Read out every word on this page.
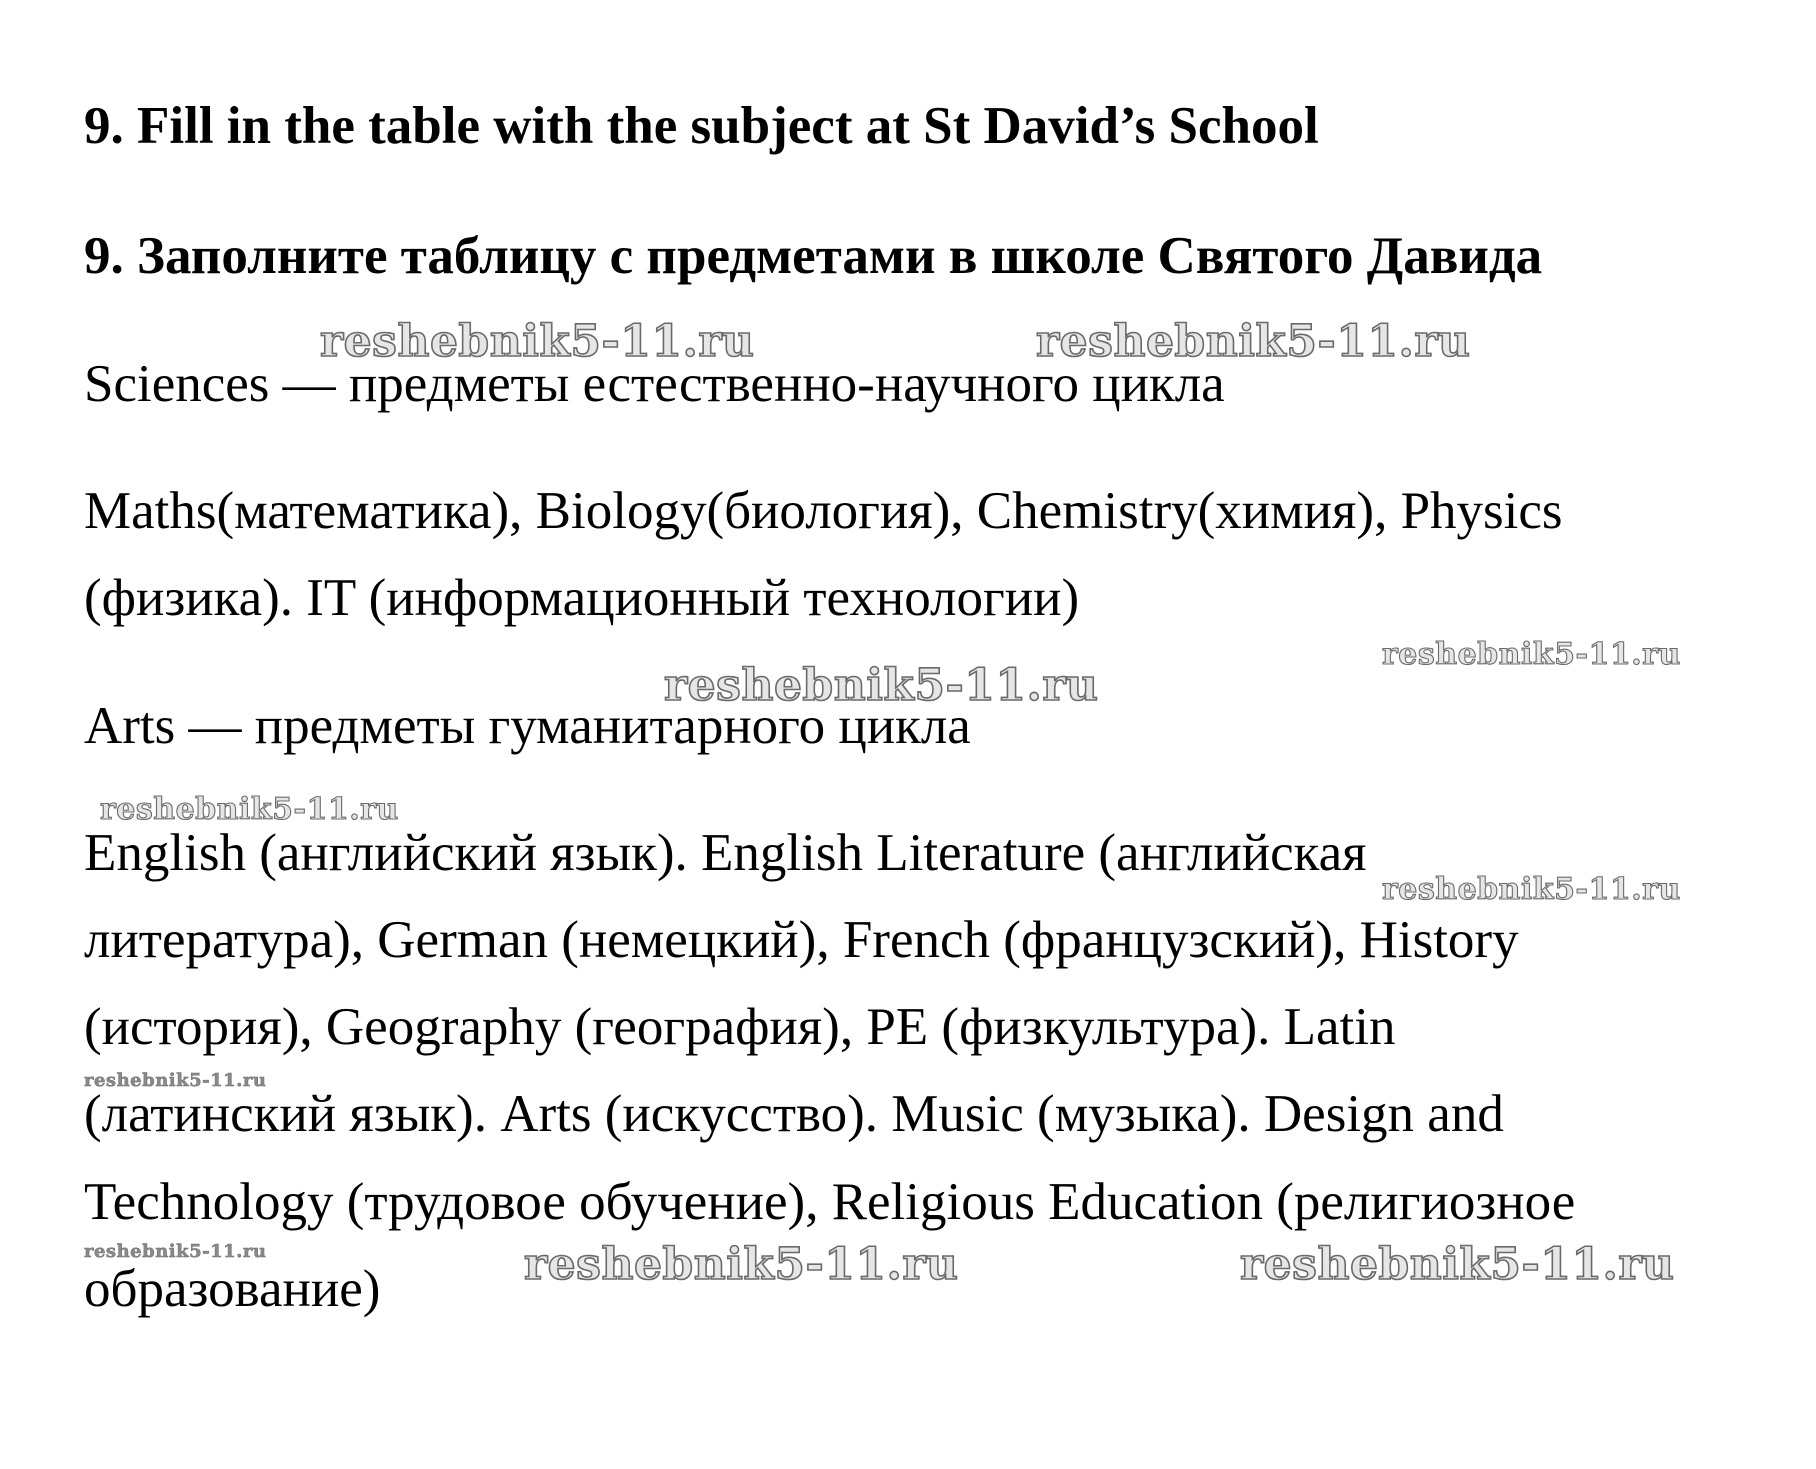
9. Fill in the table with the subject at St David’s School
9. Заполните таблицу с предметами в школе Святого Давида
Sciences — предметы естественно-научного цикла
Maths(математика), Biology(биология), Chemistry(химия), Physics
(физика). IT (информационный технологии)
Arts — предметы гуманитарного цикла
English (английский язык). English Literature (английская
литература), German (немецкий), French (французский), History
(история), Geography (география), PE (физкультура). Latin
(латинский язык). Arts (искусство). Music (музыка). Design and
Technology (трудовое обучение), Religious Education (религиозное
образование)
reshebnik5-11.ru	reshebnik5-11.ru
reshebnik5-11.ru
reshebnik5-11.ru
reshebnik5-11.ru
reshebnik5-11.ru
reshebnik5-11.ru
reshebnik5-11.ru	reshebnik5-11.ru	reshebnik5-11.ru
